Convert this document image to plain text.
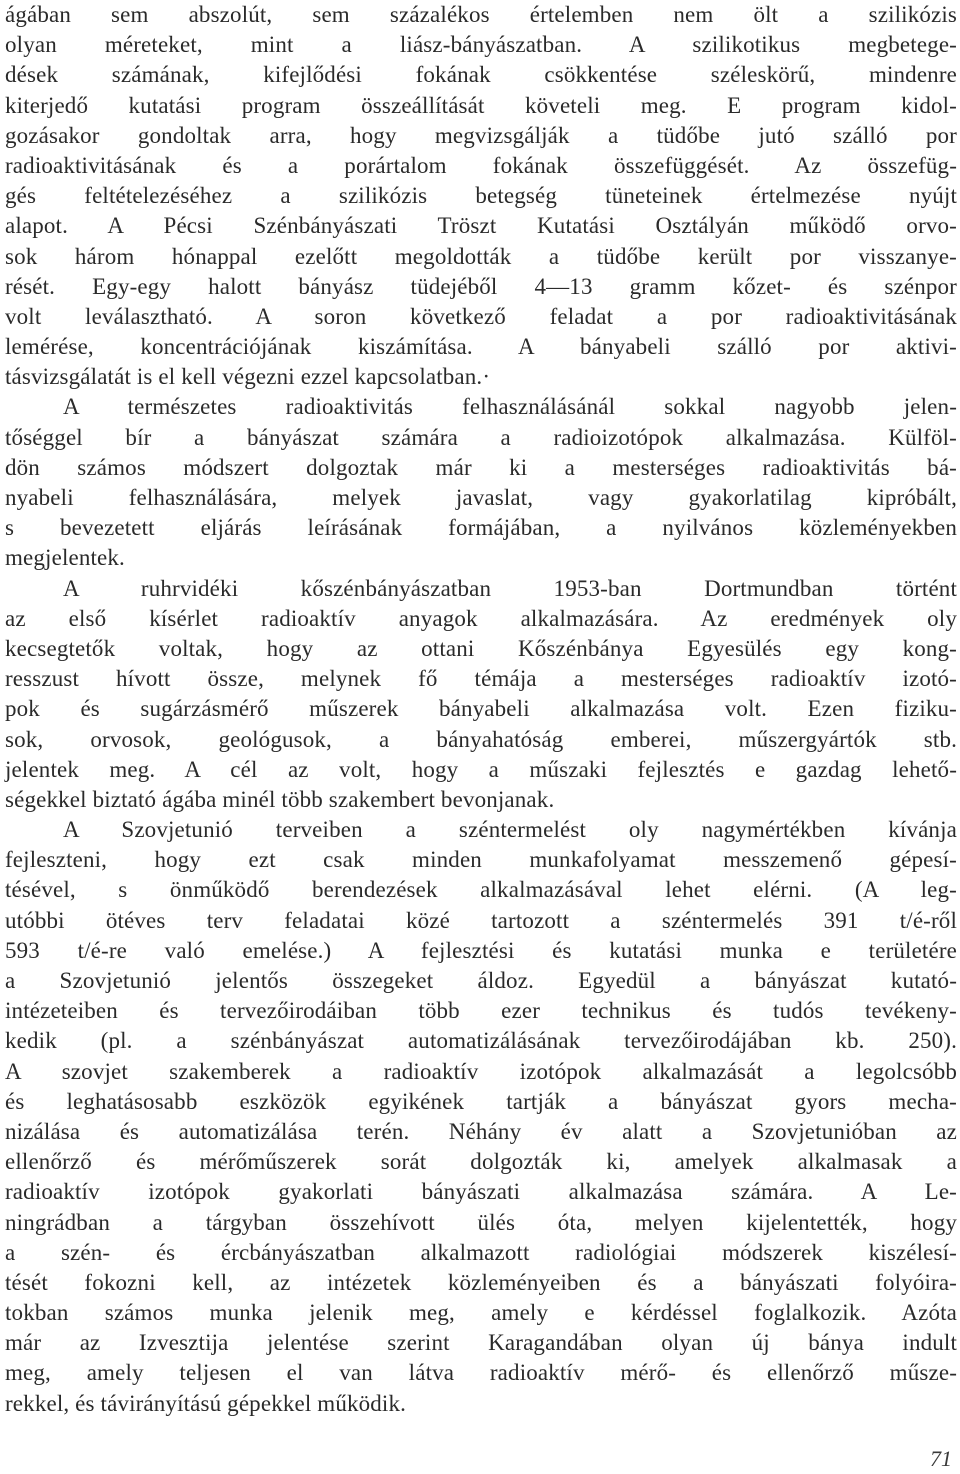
ágában sem abszolút, sem százalékos értelemben nem ölt a szilikózis
olyan méreteket, mint a liász-bányászatban. A szilikotikus megbetege-
dések számának, kifejlődési fokának csökkentése széleskörű, mindenre
kiterjedő kutatási program összeállítását követeli meg. E program kidol-
gozásakor gondoltak arra, hogy megvizsgálják a tüdőbe jutó szálló por
radioaktivitásának és a porártalom fokának összefüggését. Az összefüg-
gés feltételezéséhez a szilikózis betegség tüneteinek értelmezése nyújt
alapot. A Pécsi Szénbányászati Tröszt Kutatási Osztályán működő orvo-
sok három hónappal ezelőtt megoldották a tüdőbe került por visszanye-
rését. Egy-egy halott bányász tüdejéből 4—13 gramm kőzet- és szénpor
volt leválasztható. A soron következő feladat a por radioaktivitásának
lemérése, koncentrációjának kiszámítása. A bányabeli szálló por aktivi-
tásvizsgálatát is el kell végezni ezzel kapcsolatban.·
A természetes radioaktivitás felhasználásánál sokkal nagyobb jelen-
tőséggel bír a bányászat számára a radioizotópok alkalmazása. Külföl-
dön számos módszert dolgoztak már ki a mesterséges radioaktivitás bá-
nyabeli felhasználására, melyek javaslat, vagy gyakorlatilag kipróbált,
s bevezetett eljárás leírásának formájában, a nyilvános közleményekben
megjelentek.
A ruhrvidéki kőszénbányászatban 1953-ban Dortmundban történt
az első kísérlet radioaktív anyagok alkalmazására. Az eredmények oly
kecsegtetők voltak, hogy az ottani Kőszénbánya Egyesülés egy kong-
resszust hívott össze, melynek fő témája a mesterséges radioaktív izotó-
pok és sugárzásmérő műszerek bányabeli alkalmazása volt. Ezen fiziku-
sok, orvosok, geológusok, a bányahatóság emberei, műszergyártók stb.
jelentek meg. A cél az volt, hogy a műszaki fejlesztés e gazdag lehető-
ségekkel biztató ágába minél több szakembert bevonjanak.
A Szovjetunió terveiben a széntermelést oly nagymértékben kívánja
fejleszteni, hogy ezt csak minden munkafolyamat messzemenő gépesí-
tésével, s önműködő berendezések alkalmazásával lehet elérni. (A leg-
utóbbi ötéves terv feladatai közé tartozott a széntermelés 391 t/é-ről
593 t/é-re való emelése.) A fejlesztési és kutatási munka e területére
a Szovjetunió jelentős összegeket áldoz. Egyedül a bányászat kutató-
intézeteiben és tervezőirodáiban több ezer technikus és tudós tevékeny-
kedik (pl. a szénbányászat automatizálásának tervezőirodájában kb. 250).
A szovjet szakemberek a radioaktív izotópok alkalmazását a legolcsóbb
és leghatásosabb eszközök egyikének tartják a bányászat gyors mecha-
nizálása és automatizálása terén. Néhány év alatt a Szovjetunióban az
ellenőrző és mérőműszerek sorát dolgozták ki, amelyek alkalmasak a
radioaktív izotópok gyakorlati bányászati alkalmazása számára. A Le-
ningrádban a tárgyban összehívott ülés óta, melyen kijelentették, hogy
a szén- és ércbányászatban alkalmazott radiológiai módszerek kiszélesí-
tését fokozni kell, az intézetek közleményeiben és a bányászati folyóira-
tokban számos munka jelenik meg, amely e kérdéssel foglalkozik. Azóta
már az Izvesztija jelentése szerint Karagandában olyan új bánya indult
meg, amely teljesen el van látva radioaktív mérő- és ellenőrző műsze-
rekkel, és távirányítású gépekkel működik.
71
